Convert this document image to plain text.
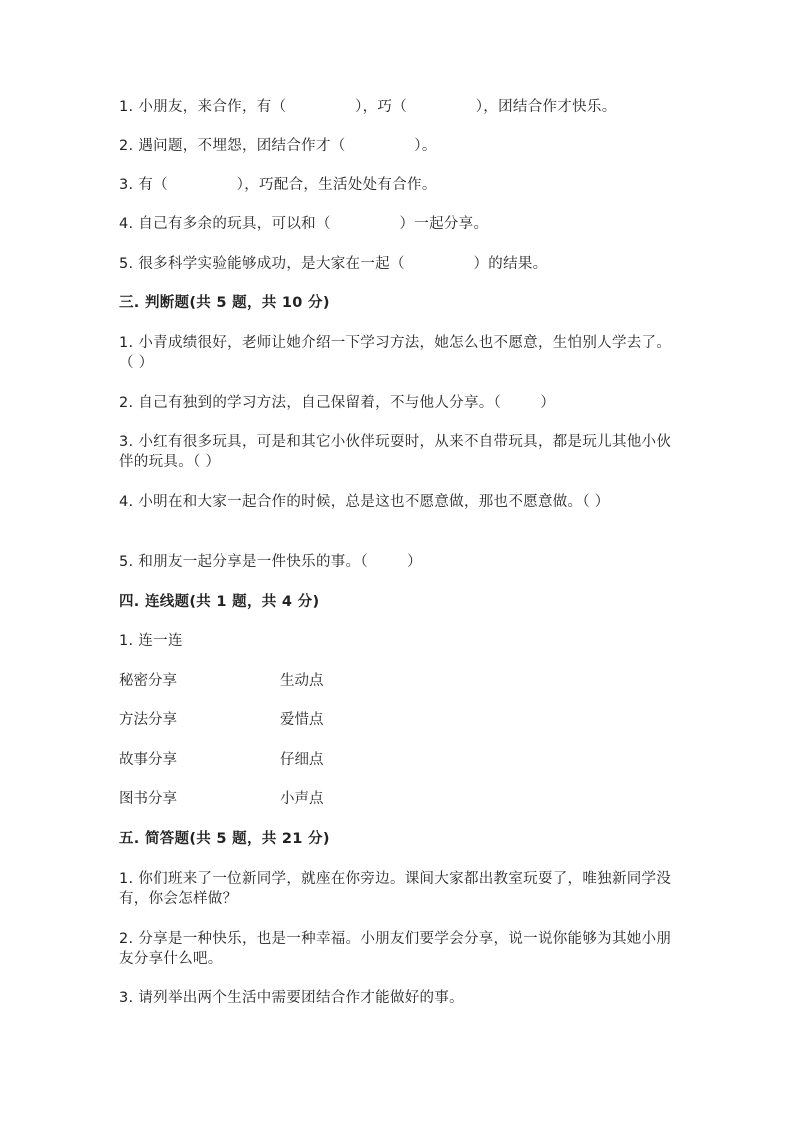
1. 小朋友，来合作，有（              ），巧（              ），团结合作才快乐。
2. 遇问题，不埋怨，团结合作才（              ）。
3. 有（              ），巧配合，生活处处有合作。
4. 自己有多余的玩具，可以和（              ）一起分享。
5. 很多科学实验能够成功，是大家在一起（              ）的结果。
三. 判断题(共 5 题，共 10 分)
1. 小青成绩很好，老师让她介绍一下学习方法，她怎么也不愿意，生怕别人学去了。（ ）
2. 自己有独到的学习方法，自己保留着，不与他人分享。（        ）
3. 小红有很多玩具，可是和其它小伙伴玩耍时，从来不自带玩具，都是玩儿其他小伙伴的玩具。（ ）
4. 小明在和大家一起合作的时候，总是这也不愿意做，那也不愿意做。（ ）
5. 和朋友一起分享是一件快乐的事。（        ）
四. 连线题(共 1 题，共 4 分)
1. 连一连
秘密分享	生动点
方法分享	爱惜点
故事分享	仔细点
图书分享	小声点
五. 简答题(共 5 题，共 21 分)
1. 你们班来了一位新同学，就座在你旁边。课间大家都出教室玩耍了，唯独新同学没有，你会怎样做？
2. 分享是一种快乐，也是一种幸福。小朋友们要学会分享，说一说你能够为其她小朋友分享什么吧。
3. 请列举出两个生活中需要团结合作才能做好的事。
